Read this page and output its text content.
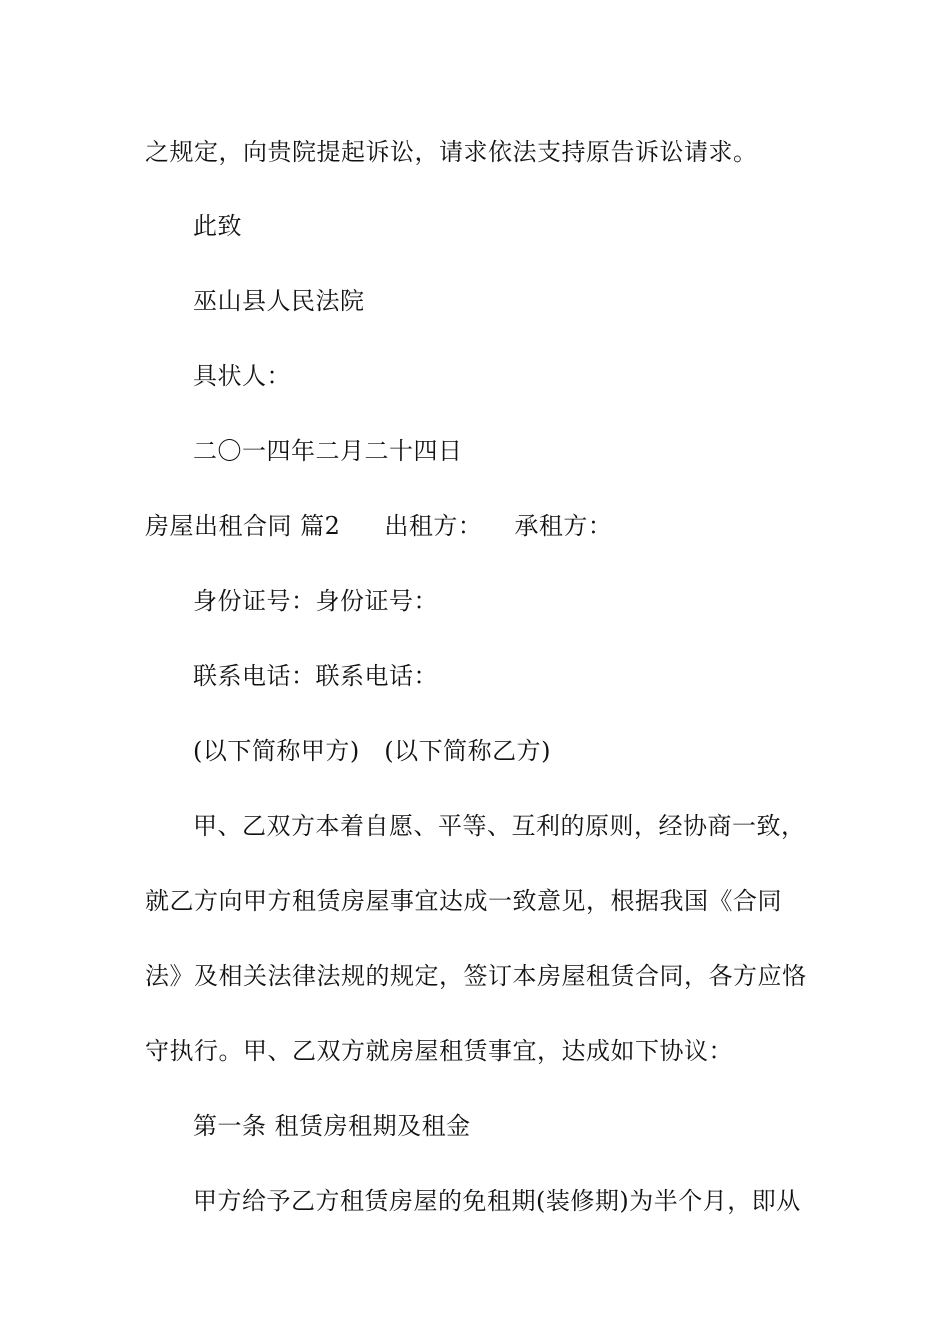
之规定，向贵院提起诉讼，请求依法支持原告诉讼请求。
此致
巫山县人民法院
具状人：
二〇一四年二月二十四日
房屋出租合同 篇2 出租方： 承租方：
身份证号：身份证号：
联系电话：联系电话：
(以下简称甲方)　(以下简称乙方)
甲、乙双方本着自愿、平等、互利的原则，经协商一致，
就乙方向甲方租赁房屋事宜达成一致意见，根据我国《合同
法》及相关法律法规的规定，签订本房屋租赁合同，各方应恪
守执行。甲、乙双方就房屋租赁事宜，达成如下协议：
第一条 租赁房租期及租金
甲方给予乙方租赁房屋的免租期(装修期)为半个月，即从
